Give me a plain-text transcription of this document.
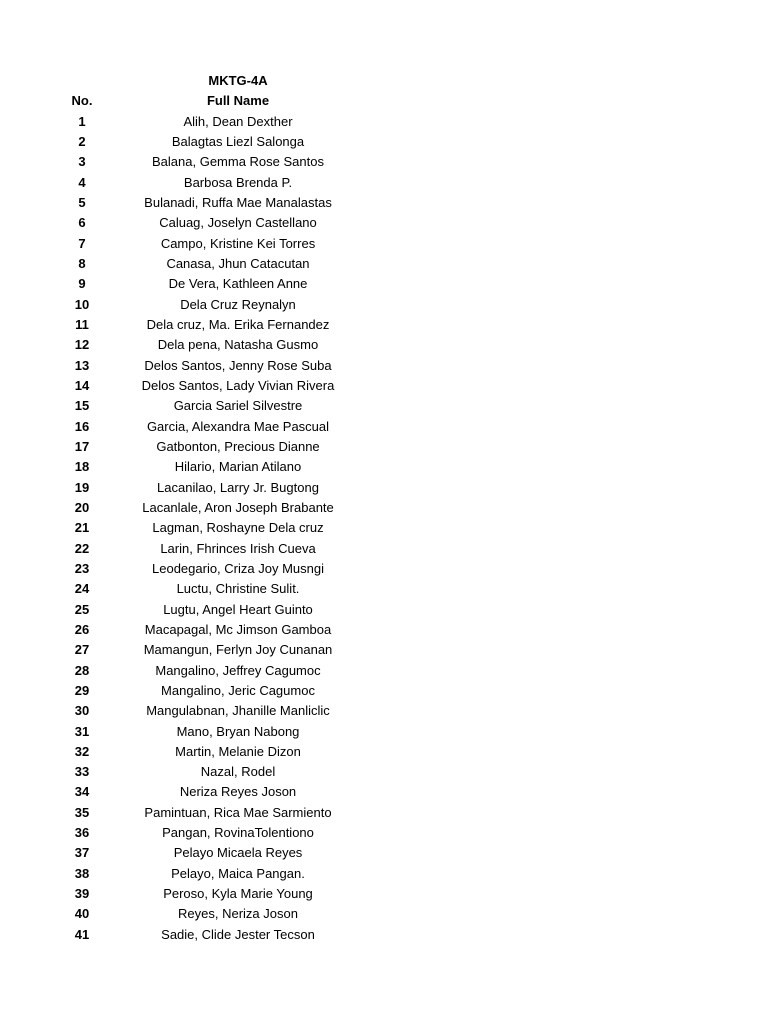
MKTG-4A
No.	Full Name
1	Alih, Dean Dexther
2	Balagtas Liezl Salonga
3	Balana, Gemma Rose Santos
4	Barbosa Brenda P.
5	Bulanadi, Ruffa Mae Manalastas
6	Caluag, Joselyn Castellano
7	Campo, Kristine Kei Torres
8	Canasa, Jhun Catacutan
9	De Vera, Kathleen Anne
10	Dela Cruz Reynalyn
11	Dela cruz, Ma. Erika Fernandez
12	Dela pena, Natasha Gusmo
13	Delos Santos, Jenny Rose Suba
14	Delos Santos, Lady Vivian Rivera
15	Garcia Sariel Silvestre
16	Garcia, Alexandra Mae Pascual
17	Gatbonton, Precious Dianne
18	Hilario, Marian Atilano
19	Lacanilao, Larry Jr. Bugtong
20	Lacanlale, Aron Joseph Brabante
21	Lagman, Roshayne Dela cruz
22	Larin, Fhrinces Irish Cueva
23	Leodegario, Criza Joy Musngi
24	Luctu, Christine Sulit.
25	Lugtu, Angel Heart Guinto
26	Macapagal, Mc Jimson Gamboa
27	Mamangun, Ferlyn Joy Cunanan
28	Mangalino, Jeffrey Cagumoc
29	Mangalino, Jeric Cagumoc
30	Mangulabnan, Jhanille Manliclic
31	Mano, Bryan Nabong
32	Martin, Melanie Dizon
33	Nazal, Rodel
34	Neriza Reyes Joson
35	Pamintuan, Rica Mae Sarmiento
36	Pangan, RovinaTolentiono
37	Pelayo Micaela Reyes
38	Pelayo, Maica Pangan.
39	Peroso, Kyla Marie Young
40	Reyes, Neriza Joson
41	Sadie, Clide Jester Tecson
